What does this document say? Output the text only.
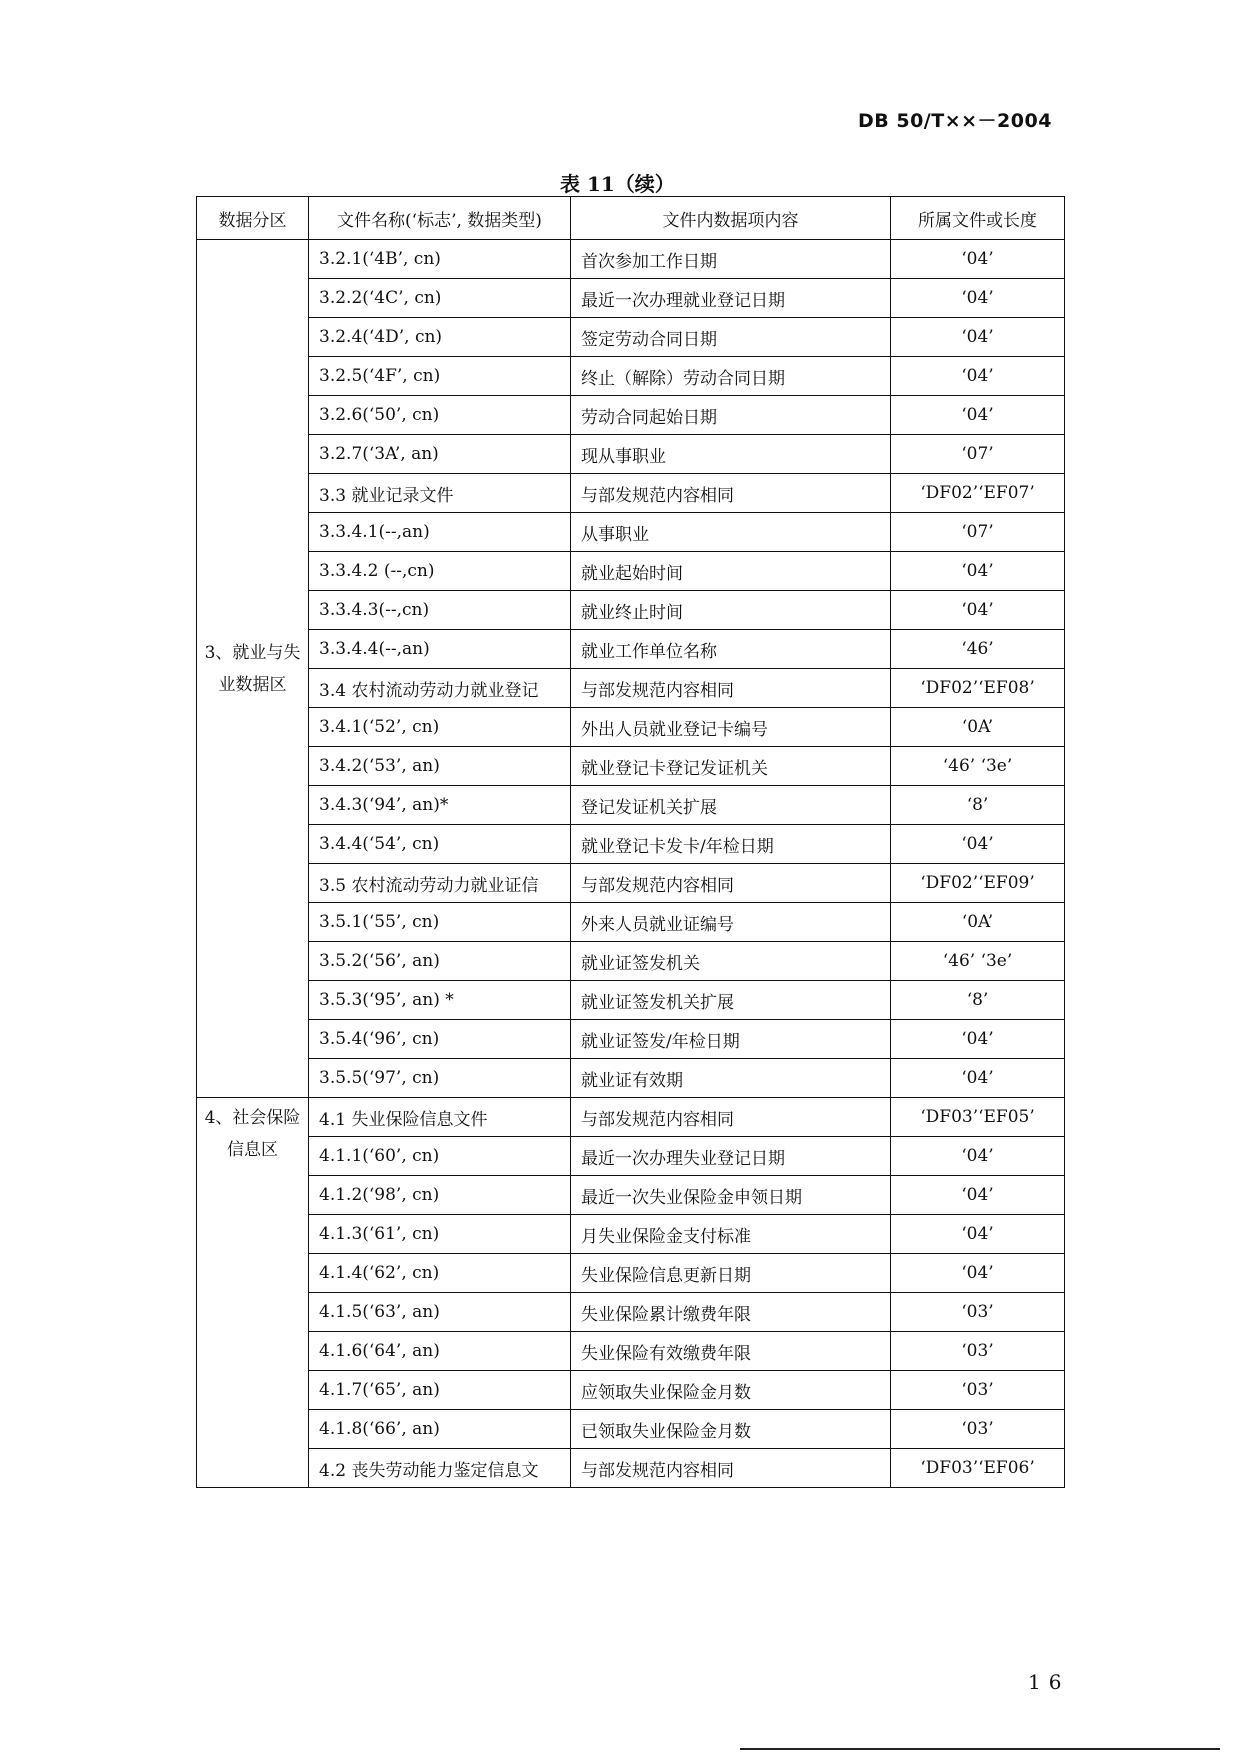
DB 50/T××－2004
表 11（续）
数据分区	文件名称(‘标志’, 数据类型)	文件内数据项内容	所属文件或长度
3、就业与失业数据区	3.2.1(‘4B’, cn)	首次参加工作日期	‘04’
	3.2.2(‘4C’, cn)	最近一次办理就业登记日期	‘04’
	3.2.4(‘4D’, cn)	签定劳动合同日期	‘04’
	3.2.5(‘4F’, cn)	终止（解除）劳动合同日期	‘04’
	3.2.6(‘50’, cn)	劳动合同起始日期	‘04’
	3.2.7(‘3A’, an)	现从事职业	‘07’
	3.3 就业记录文件	与部发规范内容相同	‘DF02’‘EF07’
	3.3.4.1(--,an)	从事职业	‘07’
	3.3.4.2 (--,cn)	就业起始时间	‘04’
	3.3.4.3(--,cn)	就业终止时间	‘04’
	3.3.4.4(--,an)	就业工作单位名称	‘46’
	3.4 农村流动劳动力就业登记	与部发规范内容相同	‘DF02’‘EF08’
	3.4.1(‘52’, cn)	外出人员就业登记卡编号	‘0A’
	3.4.2(‘53’, an)	就业登记卡登记发证机关	‘46’ ‘3e’
	3.4.3(‘94’, an)*	登记发证机关扩展	‘8’
	3.4.4(‘54’, cn)	就业登记卡发卡/年检日期	‘04’
	3.5 农村流动劳动力就业证信	与部发规范内容相同	‘DF02’‘EF09’
	3.5.1(‘55’, cn)	外来人员就业证编号	‘0A’
	3.5.2(‘56’, an)	就业证签发机关	‘46’ ‘3e’
	3.5.3(‘95’, an) *	就业证签发机关扩展	‘8’
	3.5.4(‘96’, cn)	就业证签发/年检日期	‘04’
	3.5.5(‘97’, cn)	就业证有效期	‘04’
4、社会保险信息区	4.1 失业保险信息文件	与部发规范内容相同	‘DF03’‘EF05’
	4.1.1(‘60’, cn)	最近一次办理失业登记日期	‘04’
	4.1.2(‘98’, cn)	最近一次失业保险金申领日期	‘04’
	4.1.3(‘61’, cn)	月失业保险金支付标准	‘04’
	4.1.4(‘62’, cn)	失业保险信息更新日期	‘04’
	4.1.5(‘63’, an)	失业保险累计缴费年限	‘03’
	4.1.6(‘64’, an)	失业保险有效缴费年限	‘03’
	4.1.7(‘65’, an)	应领取失业保险金月数	‘03’
	4.1.8(‘66’, an)	已领取失业保险金月数	‘03’
	4.2 丧失劳动能力鉴定信息文	与部发规范内容相同	‘DF03’‘EF06’
16
